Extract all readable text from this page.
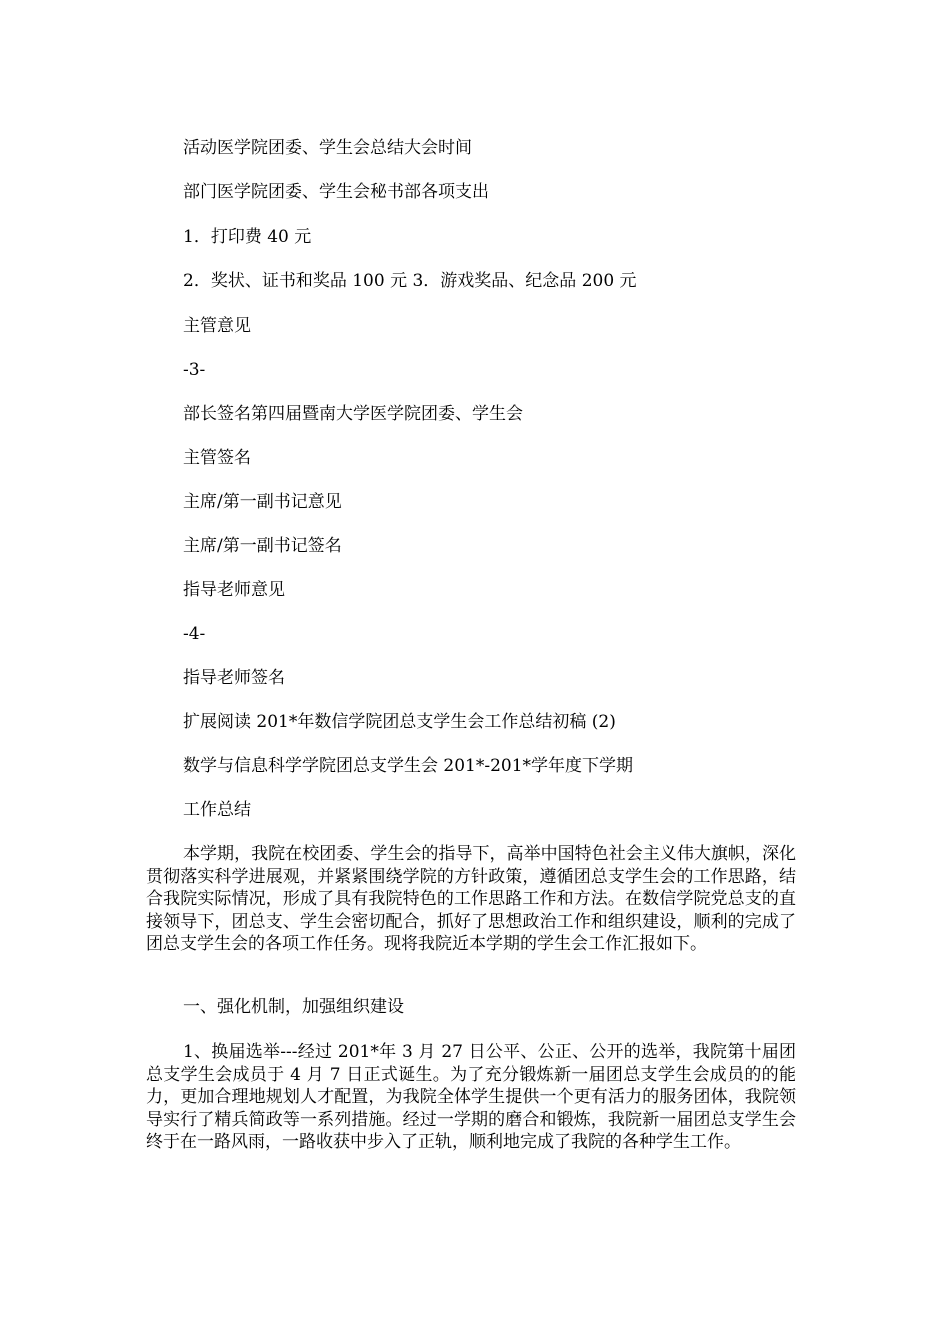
活动医学院团委、学生会总结大会时间
部门医学院团委、学生会秘书部各项支出
1．打印费 40 元
2．奖状、证书和奖品 100 元 3．游戏奖品、纪念品 200 元
主管意见
-3-
部长签名第四届暨南大学医学院团委、学生会
主管签名
主席/第一副书记意见
主席/第一副书记签名
指导老师意见
-4-
指导老师签名
扩展阅读 201*年数信学院团总支学生会工作总结初稿 (2)
数学与信息科学学院团总支学生会 201*-201*学年度下学期
工作总结

本学期，我院在校团委、学生会的指导下，高举中国特色社会主义伟大旗帜，深化贯彻落实科学进展观，并紧紧围绕学院的方针政策，遵循团总支学生会的工作思路，结合我院实际情况，形成了具有我院特色的工作思路工作和方法。在数信学院党总支的直接领导下，团总支、学生会密切配合，抓好了思想政治工作和组织建设，顺利的完成了团总支学生会的各项工作任务。现将我院近本学期的学生会工作汇报如下。

一、强化机制，加强组织建设

1、换届选举---经过 201*年 3 月 27 日公平、公正、公开的选举，我院第十届团总支学生会成员于 4 月 7 日正式诞生。为了充分锻炼新一届团总支学生会成员的的能力，更加合理地规划人才配置，为我院全体学生提供一个更有活力的服务团体，我院领导实行了精兵简政等一系列措施。经过一学期的磨合和锻炼，我院新一届团总支学生会终于在一路风雨，一路收获中步入了正轨，顺利地完成了我院的各种学生工作。
